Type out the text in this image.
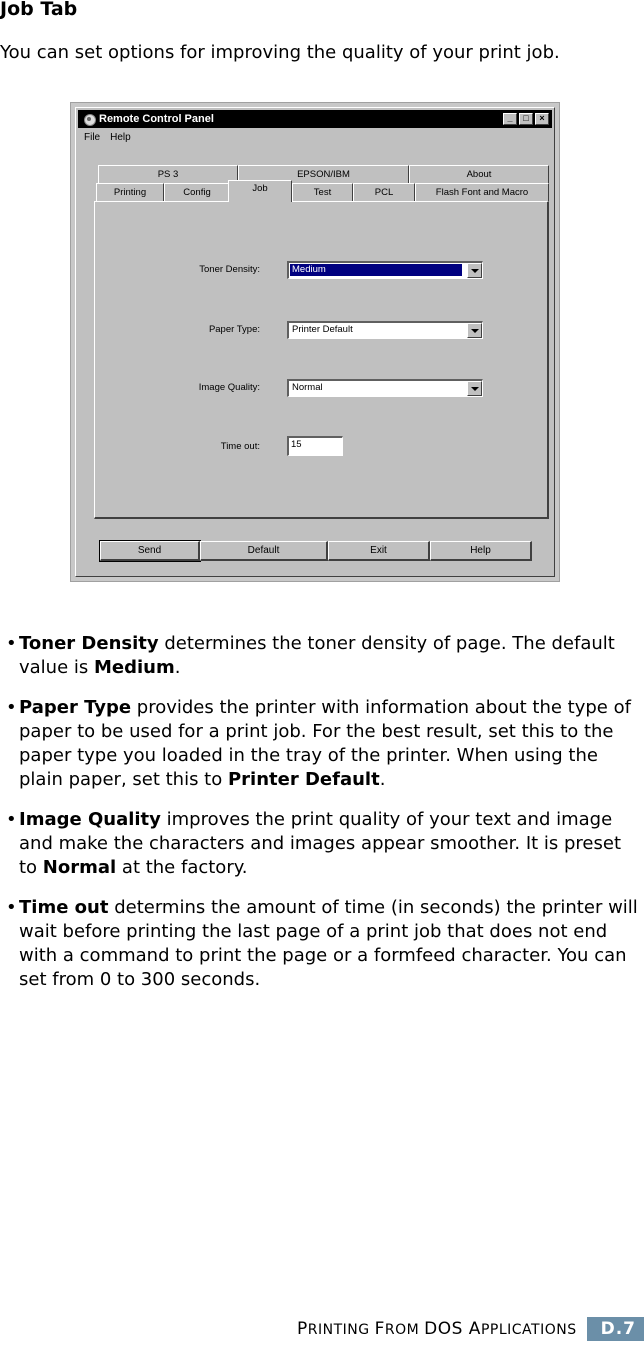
Job Tab

You can set options for improving the quality of your print job.

Remote Control Panel	_	□	×
File Help
PS 3	EPSON/IBM	About
Printing	Config	Job	Test	PCL	Flash Font and Macro
Toner Density:	Medium
Paper Type:	Printer Default
Image Quality:	Normal
Time out:	15
Send	Default	Exit	Help
• Toner Density determines the toner density of page. The default value is Medium.
• Paper Type provides the printer with information about the type of paper to be used for a print job. For the best result, set this to the paper type you loaded in the tray of the printer. When using the plain paper, set this to Printer Default.
• Image Quality improves the print quality of your text and image and make the characters and images appear smoother. It is preset to Normal at the factory.
• Time out determins the amount of time (in seconds) the printer will wait before printing the last page of a print job that does not end with a command to print the page or a formfeed character. You can set from 0 to 300 seconds.
PRINTING FROM DOS APPLICATIONS	D.7
